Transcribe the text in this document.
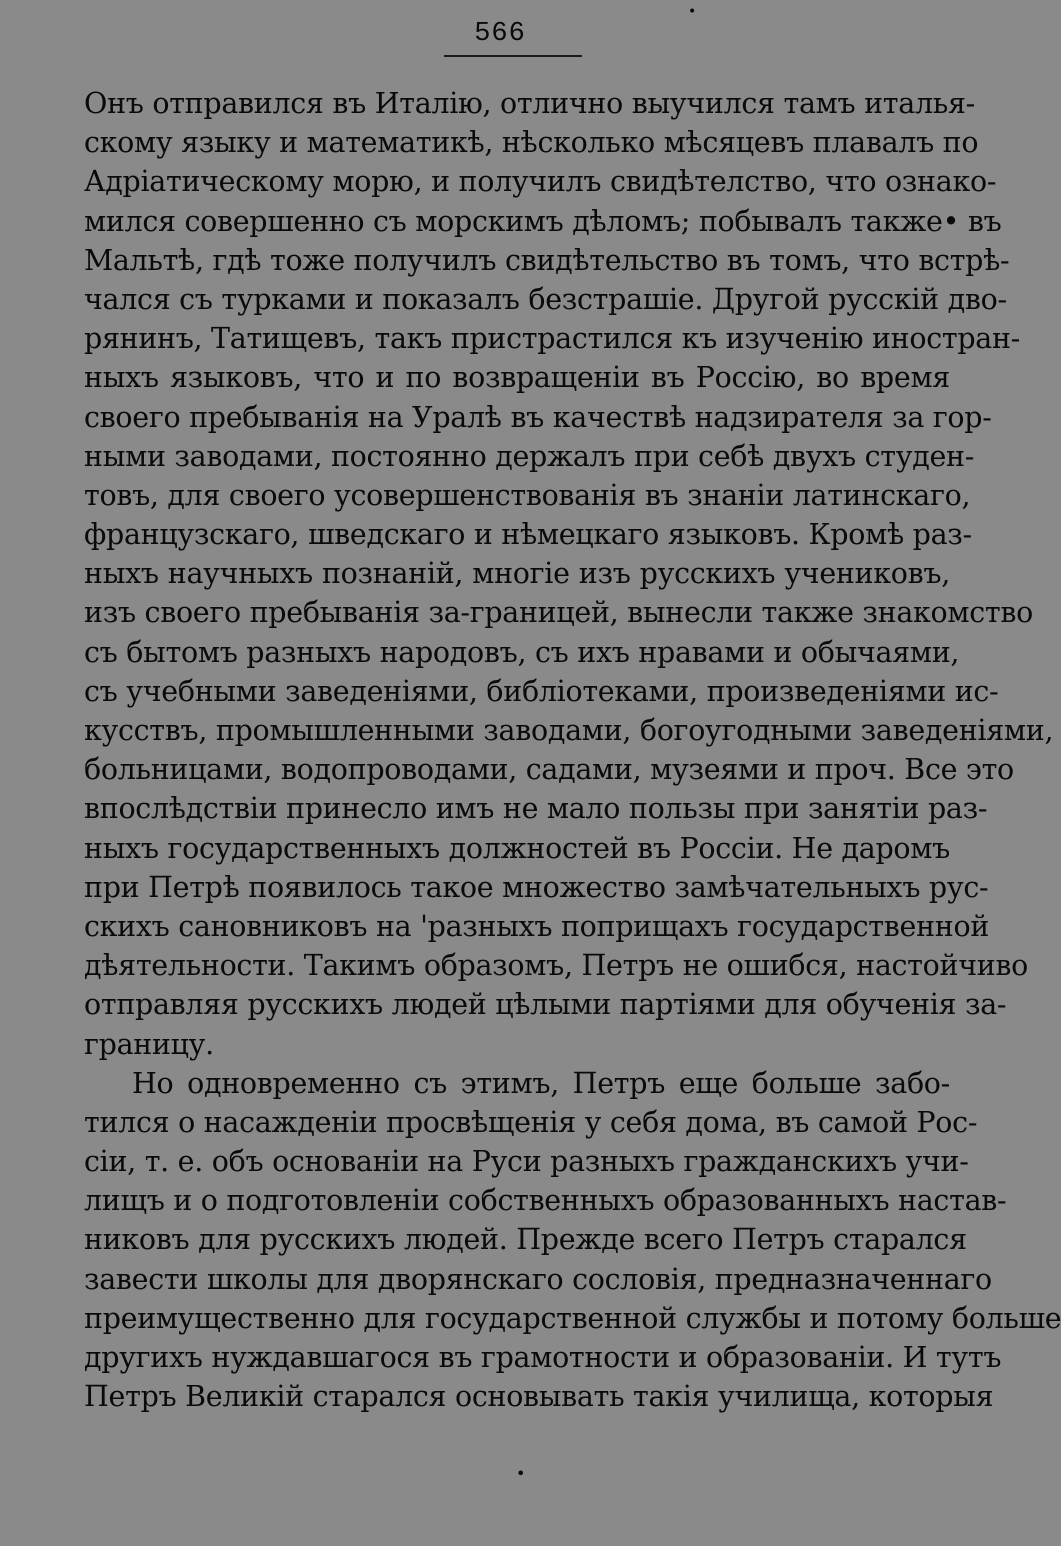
•
566
Онъ отправился въ Италію, отлично выучился тамъ италья-
скому языку и математикѣ, нѣсколько мѣсяцевъ плавалъ по
Адріатическому морю, и получилъ свидѣтелство, что ознако-
мился совершенно съ морскимъ дѣломъ; побывалъ также• въ
Мальтѣ, гдѣ тоже получилъ свидѣтельство въ томъ, что встрѣ-
чался съ турками и показалъ безстрашіе. Другой русскій дво-
рянинъ, Татищевъ, такъ пристрастился къ изученію иностран-
ныхъ языковъ, что и по возвращеніи въ Россію, во время
своего пребыванія на Уралѣ въ качествѣ надзирателя за гор-
ными заводами, постоянно держалъ при себѣ двухъ студен-
товъ, для своего усовершенствованія въ знаніи латинскаго,
французскаго, шведскаго и нѣмецкаго языковъ. Кромѣ раз-
ныхъ научныхъ познаній, многіе изъ русскихъ учениковъ,
изъ своего пребыванія за-границей, вынесли также знакомство
съ бытомъ разныхъ народовъ, съ ихъ нравами и обычаями,
съ учебными заведеніями, библіотеками, произведеніями ис-
кусствъ, промышленными заводами, богоугодными заведеніями,
больницами, водопроводами, садами, музеями и проч. Все это
впослѣдствіи принесло имъ не мало пользы при занятіи раз-
ныхъ государственныхъ должностей въ Россіи. Не даромъ
при Петрѣ появилось такое множество замѣчательныхъ рус-
скихъ сановниковъ на 'разныхъ поприщахъ государственной
дѣятельности. Такимъ образомъ, Петръ не ошибся, настойчиво
отправляя русскихъ людей цѣлыми партіями для обученія за-
границу.
Но одновременно съ этимъ, Петръ еще больше забо-
тился о насажденіи просвѣщенія у себя дома, въ самой Рос-
сіи, т. е. объ основаніи на Руси разныхъ гражданскихъ учи-
лищъ и о подготовленіи собственныхъ образованныхъ настав-
никовъ для русскихъ людей. Прежде всего Петръ старался
завести школы для дворянскаго сословія, предназначеннаго
преимущественно для государственной службы и потому больше
другихъ нуждавшагося въ грамотности и образованіи. И тутъ
Петръ Великій старался основывать такія училища, которыя
•
